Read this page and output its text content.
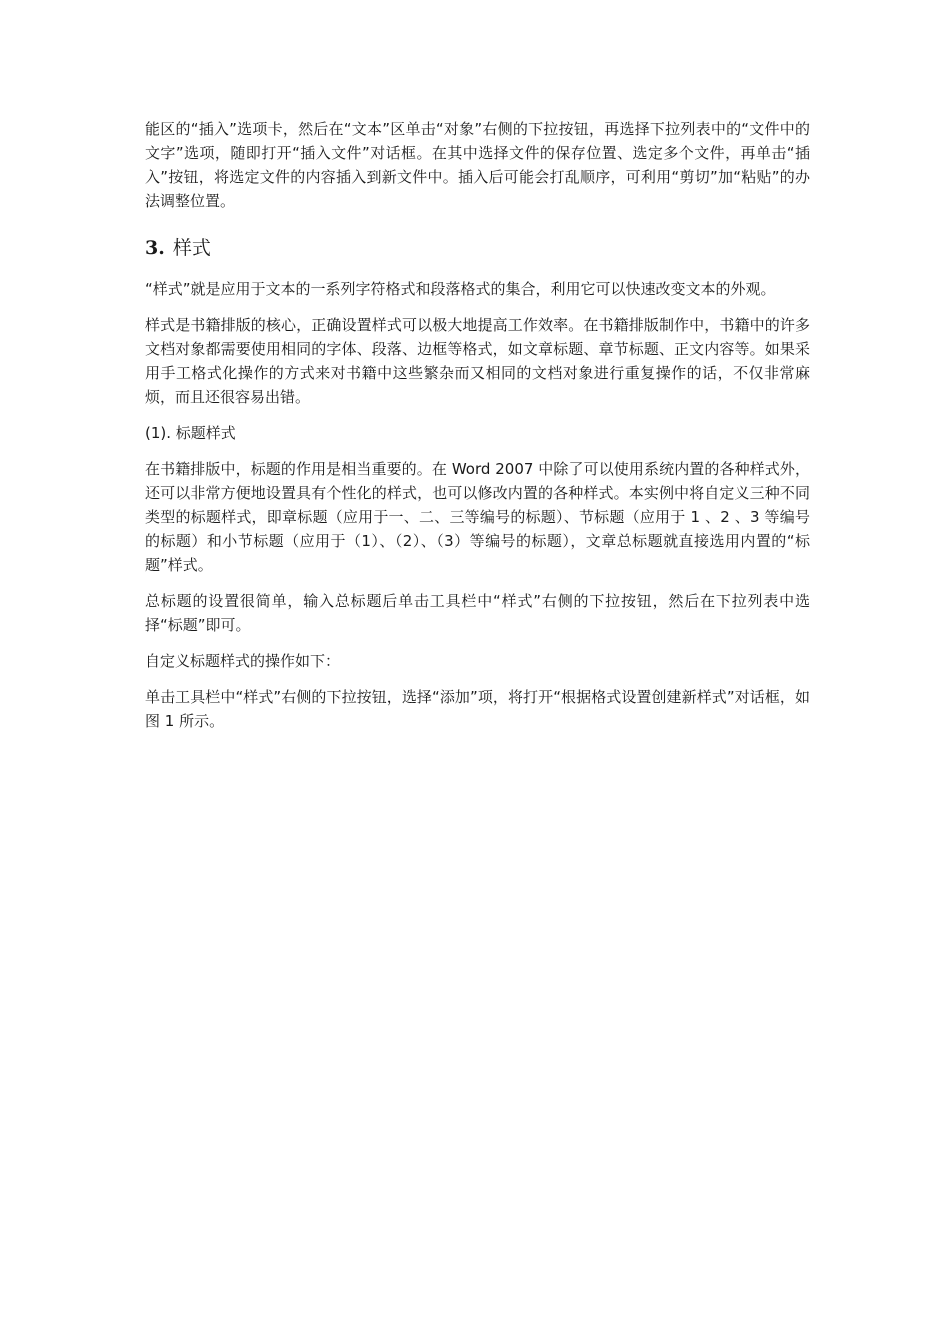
能区的“插入”选项卡，然后在“文本”区单击“对象”右侧的下拉按钮，再选择下拉列表中的“文件中的文字”选项，随即打开“插入文件”对话框。在其中选择文件的保存位置、选定多个文件，再单击“插入”按钮，将选定文件的内容插入到新文件中。插入后可能会打乱顺序，可利用“剪切”加“粘贴”的办法调整位置。

3. 样式

“样式”就是应用于文本的一系列字符格式和段落格式的集合，利用它可以快速改变文本的外观。

样式是书籍排版的核心，正确设置样式可以极大地提高工作效率。在书籍排版制作中，书籍中的许多文档对象都需要使用相同的字体、段落、边框等格式，如文章标题、章节标题、正文内容等。如果采用手工格式化操作的方式来对书籍中这些繁杂而又相同的文档对象进行重复操作的话，不仅非常麻烦，而且还很容易出错。

(1). 标题样式

在书籍排版中，标题的作用是相当重要的。在 Word 2007 中除了可以使用系统内置的各种样式外，还可以非常方便地设置具有个性化的样式，也可以修改内置的各种样式。本实例中将自定义三种不同类型的标题样式，即章标题（应用于一、二、三等编号的标题）、节标题（应用于 1 、2 、3 等编号的标题）和小节标题（应用于（1）、（2）、（3）等编号的标题），文章总标题就直接选用内置的“标题”样式。

总标题的设置很简单，输入总标题后单击工具栏中“样式”右侧的下拉按钮，然后在下拉列表中选择“标题”即可。

自定义标题样式的操作如下：

单击工具栏中“样式”右侧的下拉按钮，选择“添加”项，将打开“根据格式设置创建新样式”对话框，如图 1 所示。
